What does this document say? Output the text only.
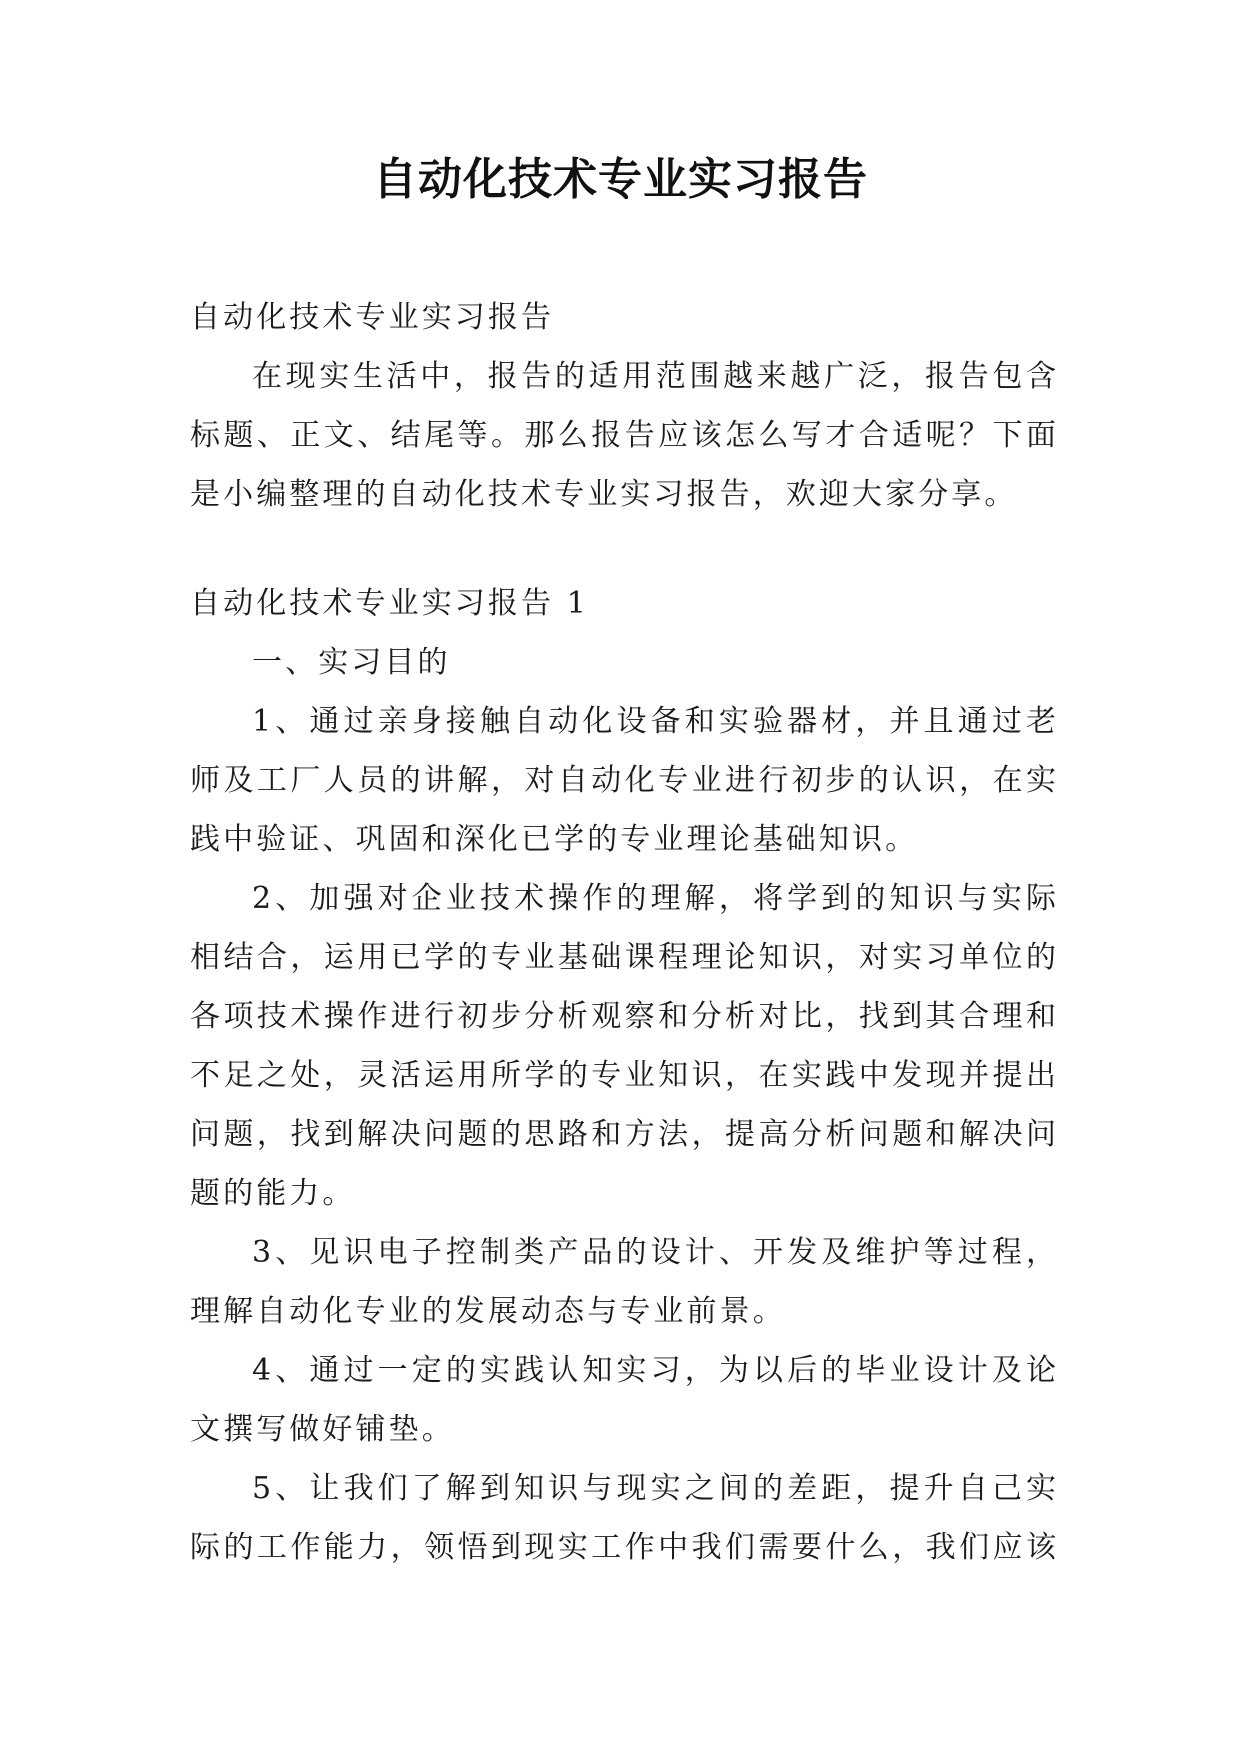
自动化技术专业实习报告
自动化技术专业实习报告
在现实生活中，报告的适用范围越来越广泛，报告包含
标题、正文、结尾等。那么报告应该怎么写才合适呢？下面
是小编整理的自动化技术专业实习报告，欢迎大家分享。
自动化技术专业实习报告 1
一、实习目的
1、通过亲身接触自动化设备和实验器材，并且通过老
师及工厂人员的讲解，对自动化专业进行初步的认识，在实
践中验证、巩固和深化已学的专业理论基础知识。
2、加强对企业技术操作的理解，将学到的知识与实际
相结合，运用已学的专业基础课程理论知识，对实习单位的
各项技术操作进行初步分析观察和分析对比，找到其合理和
不足之处，灵活运用所学的专业知识，在实践中发现并提出
问题，找到解决问题的思路和方法，提高分析问题和解决问
题的能力。
3、见识电子控制类产品的设计、开发及维护等过程，
理解自动化专业的发展动态与专业前景。
4、通过一定的实践认知实习，为以后的毕业设计及论
文撰写做好铺垫。
5、让我们了解到知识与现实之间的差距，提升自己实
际的工作能力，领悟到现实工作中我们需要什么，我们应该
